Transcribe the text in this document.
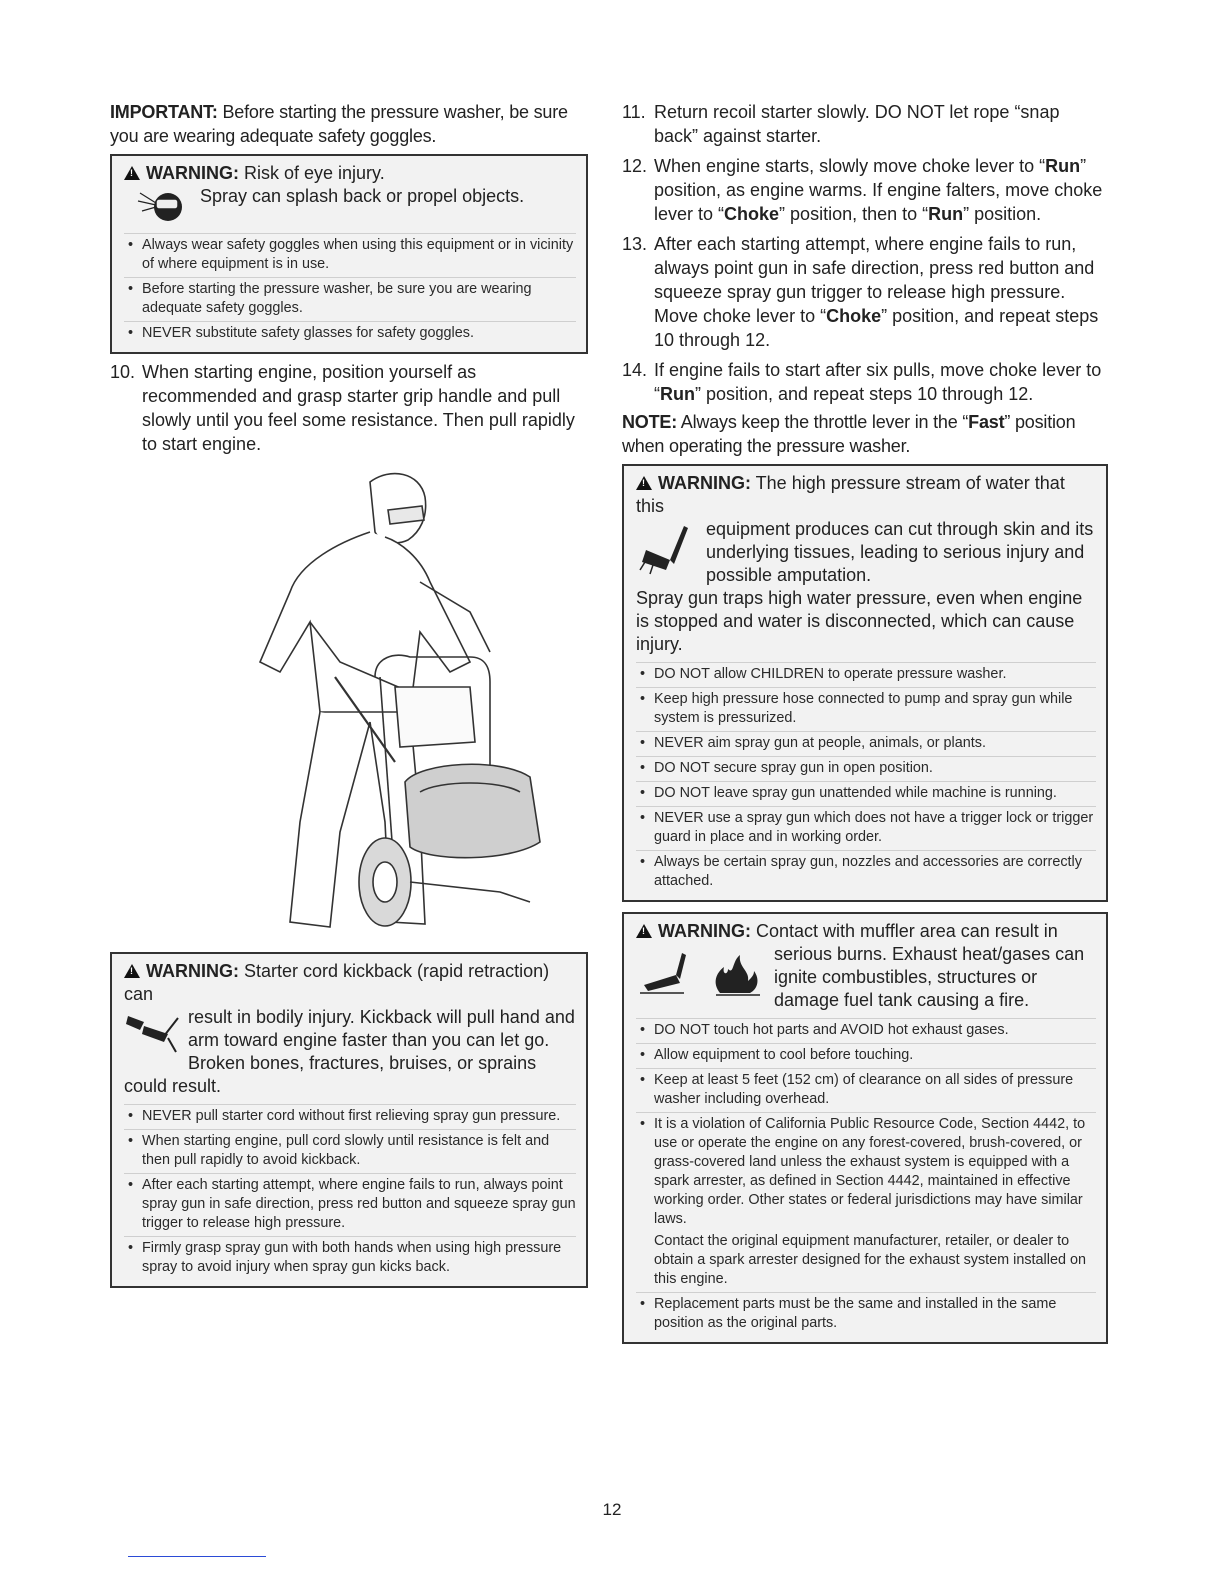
IMPORTANT: Before starting the pressure washer, be sure you are wearing adequate safety goggles.

!WARNING: Risk of eye injury.
Spray can splash back or propel objects.
• Always wear safety goggles when using this equipment or in vicinity of where equipment is in use.
• Before starting the pressure washer, be sure you are wearing adequate safety goggles.
• NEVER substitute safety glasses for safety goggles.
10. When starting engine, position yourself as recommended and grasp starter grip handle and pull slowly until you feel some resistance. Then pull rapidly to start engine.
!WARNING: Starter cord kickback (rapid retraction) can
result in bodily injury. Kickback will pull hand and arm toward engine faster than you can let go. Broken bones, fractures, bruises, or sprains could result.
• NEVER pull starter cord without first relieving spray gun pressure.
• When starting engine, pull cord slowly until resistance is felt and then pull rapidly to avoid kickback.
• After each starting attempt, where engine fails to run, always point spray gun in safe direction, press red button and squeeze spray gun trigger to release high pressure.
• Firmly grasp spray gun with both hands when using high pressure spray to avoid injury when spray gun kicks back.
11. Return recoil starter slowly. DO NOT let rope “snap back” against starter.
12. When engine starts, slowly move choke lever to “Run” position, as engine warms. If engine falters, move choke lever to “Choke” position, then to “Run” position.
13. After each starting attempt, where engine fails to run, always point gun in safe direction, press red button and squeeze spray gun trigger to release high pressure. Move choke lever to “Choke” position, and repeat steps 10 through 12.
14. If engine fails to start after six pulls, move choke lever to “Run” position, and repeat steps 10 through 12.

NOTE: Always keep the throttle lever in the “Fast” position when operating the pressure washer.

!WARNING: The high pressure stream of water that this
equipment produces can cut through skin and its underlying tissues, leading to serious injury and possible amputation.
Spray gun traps high water pressure, even when engine is stopped and water is disconnected, which can cause injury.
• DO NOT allow CHILDREN to operate pressure washer.
• Keep high pressure hose connected to pump and spray gun while system is pressurized.
• NEVER aim spray gun at people, animals, or plants.
• DO NOT secure spray gun in open position.
• DO NOT leave spray gun unattended while machine is running.
• NEVER use a spray gun which does not have a trigger lock or trigger guard in place and in working order.
• Always be certain spray gun, nozzles and accessories are correctly attached.
!WARNING: Contact with muffler area can result in
serious burns. Exhaust heat/gases can ignite combustibles, structures or damage fuel tank causing a fire.
• DO NOT touch hot parts and AVOID hot exhaust gases.
• Allow equipment to cool before touching.
• Keep at least 5 feet (152 cm) of clearance on all sides of pressure washer including overhead.
• It is a violation of California Public Resource Code, Section 4442, to use or operate the engine on any forest-covered, brush-covered, or grass-covered land unless the exhaust system is equipped with a spark arrester, as defined in Section 4442, maintained in effective working order. Other states or federal jurisdictions may have similar laws.
Contact the original equipment manufacturer, retailer, or dealer to obtain a spark arrester designed for the exhaust system installed on this engine.
• Replacement parts must be the same and installed in the same position as the original parts.
12
